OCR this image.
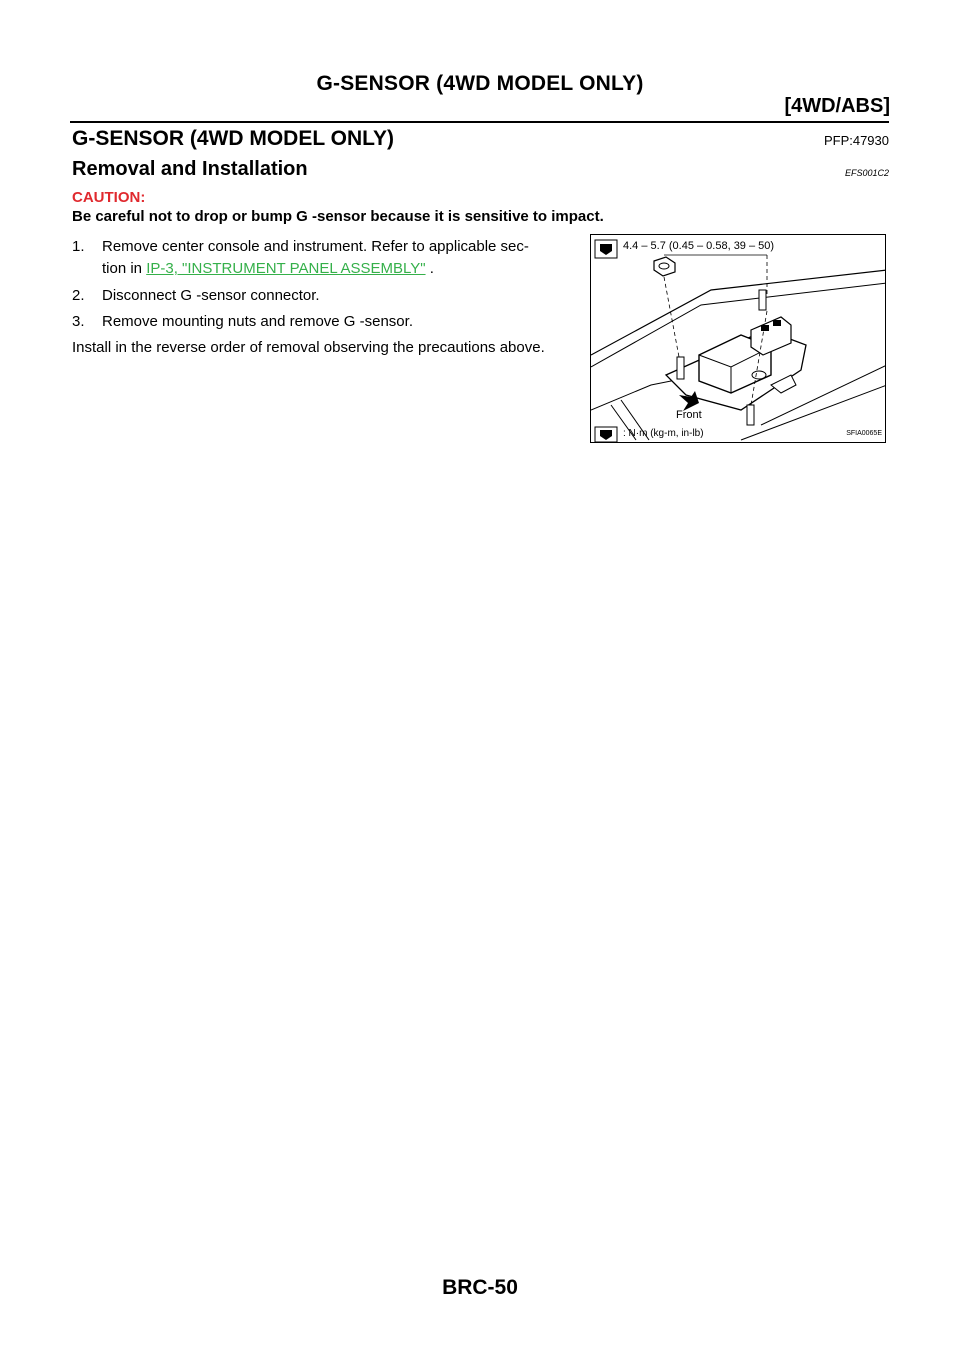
G-SENSOR (4WD MODEL ONLY)
[4WD/ABS]
G-SENSOR (4WD MODEL ONLY)	PFP:47930
Removal and Installation	EFS001C2
CAUTION:
Be careful not to drop or bump G -sensor because it is sensitive to impact.
1. Remove center console and instrument. Refer to applicable sec-
tion in IP-3, "INSTRUMENT PANEL ASSEMBLY" .
2. Disconnect G -sensor connector.
3. Remove mounting nuts and remove G -sensor.
Install in the reverse order of removal observing the precautions above.
4.4 – 5.7 (0.45 – 0.58, 39 – 50)
Front
: N·m (kg-m, in-lb)	SFIA0065E
BRC-50
